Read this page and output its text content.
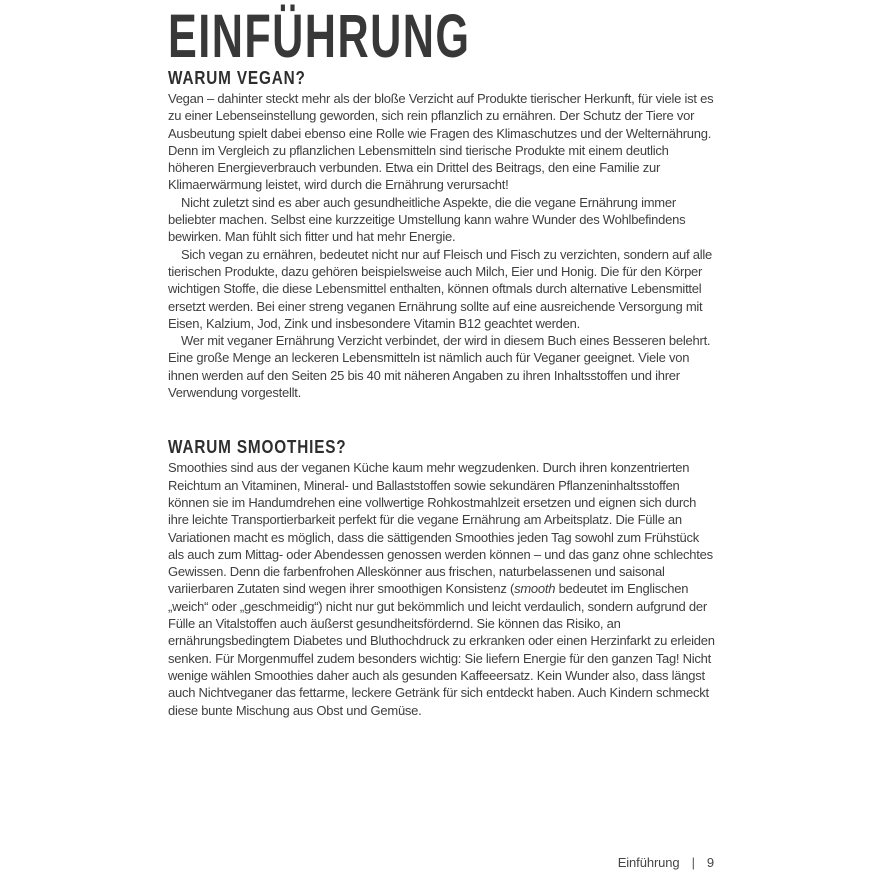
EINFÜHRUNG
WARUM VEGAN?

Vegan – dahinter steckt mehr als der bloße Verzicht auf Produkte tierischer Herkunft, für viele ist es zu einer Lebenseinstellung geworden, sich rein pflanzlich zu ernähren. Der Schutz der Tiere vor Ausbeutung spielt dabei ebenso eine Rolle wie Fragen des Klimaschutzes und der Welternährung. Denn im Vergleich zu pflanzlichen Lebensmitteln sind tierische Produkte mit einem deutlich höheren Energieverbrauch verbunden. Etwa ein Drittel des Beitrags, den eine Familie zur Klimaerwärmung leistet, wird durch die Ernährung verursacht!

Nicht zuletzt sind es aber auch gesundheitliche Aspekte, die die vegane Ernährung immer beliebter machen. Selbst eine kurzzeitige Umstellung kann wahre Wunder des Wohlbefindens bewirken. Man fühlt sich fitter und hat mehr Energie.

Sich vegan zu ernähren, bedeutet nicht nur auf Fleisch und Fisch zu verzichten, sondern auf alle tierischen Produkte, dazu gehören beispielsweise auch Milch, Eier und Honig. Die für den Körper wichtigen Stoffe, die diese Lebensmittel enthalten, können oftmals durch alternative Lebensmittel ersetzt werden. Bei einer streng veganen Ernährung sollte auf eine ausreichende Versorgung mit Eisen, Kalzium, Jod, Zink und insbesondere Vitamin B12 geachtet werden.

Wer mit veganer Ernährung Verzicht verbindet, der wird in diesem Buch eines Besseren belehrt. Eine große Menge an leckeren Lebensmitteln ist nämlich auch für Veganer geeignet. Viele von ihnen werden auf den Seiten 25 bis 40 mit näheren Angaben zu ihren Inhaltsstoffen und ihrer Verwendung vorgestellt.

WARUM SMOOTHIES?

Smoothies sind aus der veganen Küche kaum mehr wegzudenken. Durch ihren konzentrierten Reichtum an Vitaminen, Mineral- und Ballaststoffen sowie sekundären Pflanzeninhaltsstoffen können sie im Handumdrehen eine vollwertige Rohkostmahlzeit ersetzen und eignen sich durch ihre leichte Transportierbarkeit perfekt für die vegane Ernährung am Arbeitsplatz. Die Fülle an Variationen macht es möglich, dass die sättigenden Smoothies jeden Tag sowohl zum Frühstück als auch zum Mittag- oder Abendessen genossen werden können – und das ganz ohne schlechtes Gewissen. Denn die farbenfrohen Alleskönner aus frischen, naturbelassenen und saisonal variierbaren Zutaten sind wegen ihrer smoothigen Konsistenz (smooth bedeutet im Englischen „weich“ oder „geschmeidig“) nicht nur gut bekömmlich und leicht verdaulich, sondern aufgrund der Fülle an Vitalstoffen auch äußerst gesundheitsfördernd. Sie können das Risiko, an ernährungsbedingtem Diabetes und Bluthochdruck zu erkranken oder einen Herzinfarkt zu erleiden senken. Für Morgenmuffel zudem besonders wichtig: Sie liefern Energie für den ganzen Tag! Nicht wenige wählen Smoothies daher auch als gesunden Kaffeeersatz. Kein Wunder also, dass längst auch Nichtveganer das fettarme, leckere Getränk für sich entdeckt haben. Auch Kindern schmeckt diese bunte Mischung aus Obst und Gemüse.

Einführung | 9
